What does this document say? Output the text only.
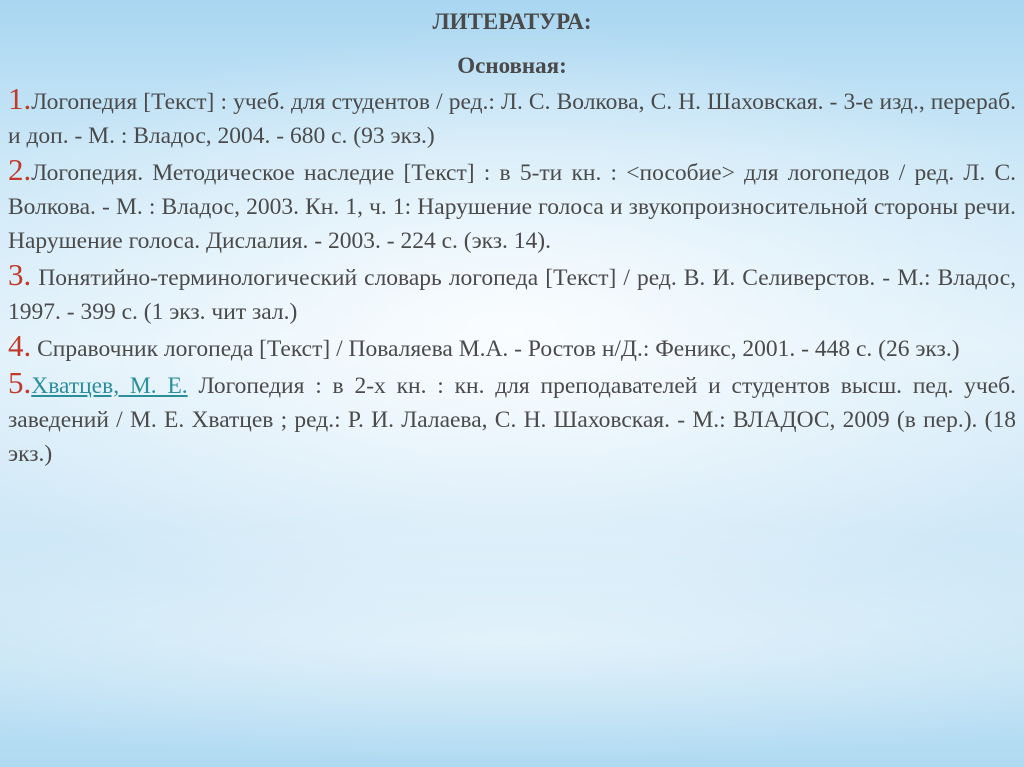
ЛИТЕРАТУРА:
Основная:

1.Логопедия [Текст] : учеб. для студентов / ред.: Л. С. Волкова, С. Н. Шаховская. - 3-е изд., перераб. и доп. - М. : Владос, 2004. - 680 с. (93 экз.)

2.Логопедия. Методическое наследие [Текст] : в 5-ти кн. : <пособие> для логопедов / ред. Л. С. Волкова. - М. : Владос, 2003. Кн. 1, ч. 1: Нарушение голоса и звукопроизносительной стороны речи. Нарушение голоса. Дислалия. - 2003. - 224 с. (экз. 14).

3. Понятийно-терминологический словарь логопеда [Текст] / ред. В. И. Селиверстов. - М.: Владос, 1997. - 399 с. (1 экз. чит зал.)

4. Справочник логопеда [Текст] / Поваляева М.А. - Ростов н/Д.: Феникс, 2001. - 448 с. (26 экз.)

5.Хватцев, М. Е. Логопедия : в 2-х кн. : кн. для преподавателей и студентов высш. пед. учеб. заведений / М. Е. Хватцев ; ред.: Р. И. Лалаева, С. Н. Шаховская. - М.: ВЛАДОС, 2009 (в пер.). (18 экз.)
